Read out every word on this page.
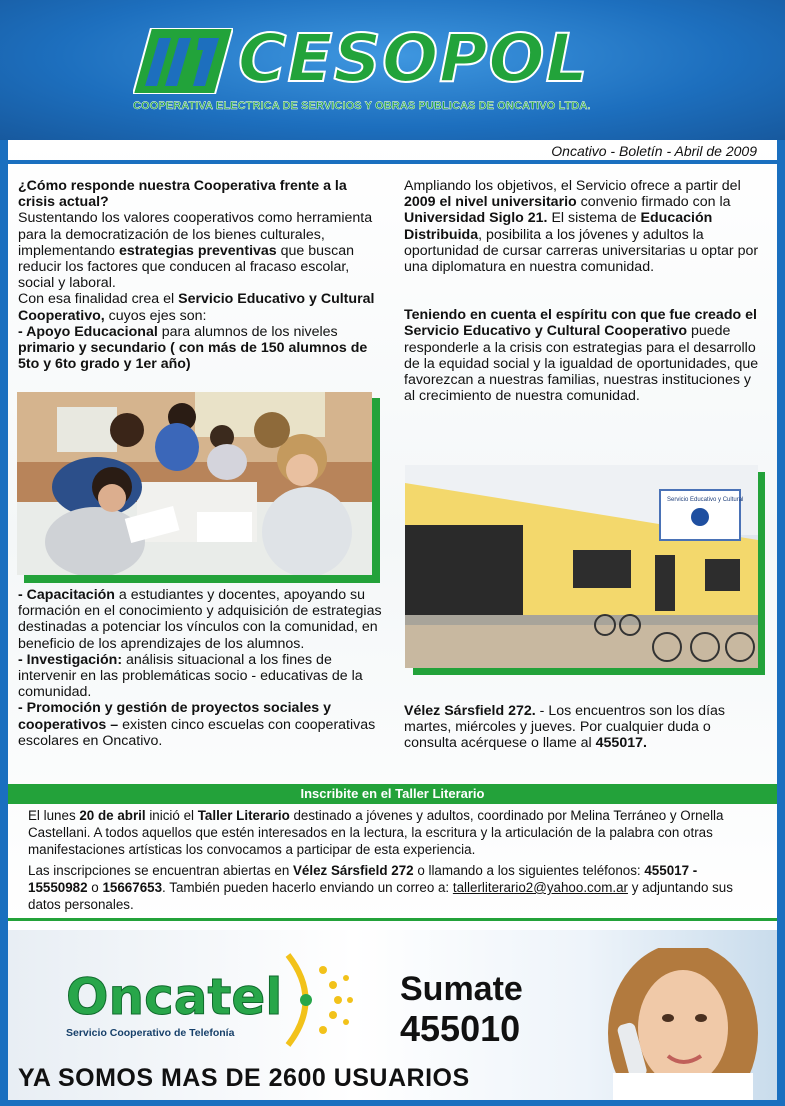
CESOPOL
COOPERATIVA ELECTRICA DE SERVICIOS Y OBRAS PUBLICAS DE ONCATIVO LTDA.
Oncativo - Boletín - Abril de 2009

¿Cómo responde nuestra Cooperativa frente a la crisis actual?

Sustentando los valores cooperativos como herramienta para la democratización de los bienes culturales, implementando estrategias preventivas que buscan reducir los factores que conducen al fracaso escolar, social y laboral.

Con esa finalidad crea el Servicio Educativo y Cultural Cooperativo, cuyos ejes son:

- Apoyo Educacional para alumnos de los niveles primario y secundario ( con más de 150 alumnos de 5to y 6to grado y 1er año)

- Capacitación a estudiantes y docentes, apoyando su formación en el conocimiento y adquisición de estrategias destinadas a potenciar los vínculos con la comunidad, en beneficio de los aprendizajes de los alumnos.

- Investigación: análisis situacional a los fines de intervenir en las problemáticas socio - educativas de la comunidad.

- Promoción y gestión de proyectos sociales y cooperativos – existen cinco escuelas con cooperativas escolares en Oncativo.

Ampliando los objetivos, el Servicio ofrece a partir del 2009 el nivel universitario convenio firmado con la Universidad Siglo 21. El sistema de Educación Distribuida, posibilita a los jóvenes y adultos la oportunidad de cursar carreras universitarias u optar por una diplomatura en nuestra comunidad.

Teniendo en cuenta el espíritu con que fue creado el Servicio Educativo y Cultural Cooperativo puede responderle a la crisis con estrategias para el desarrollo de la equidad social y la igualdad de oportunidades, que favorezcan a nuestras familias, nuestras instituciones y al crecimiento de nuestra comunidad.

Servicio Educativo y Cultural

Vélez Sársfield 272. - Los encuentros son los días martes, miércoles y jueves. Por cualquier duda o consulta acérquese o llame al 455017.

Inscribite en el Taller Literario

El lunes 20 de abril inició el Taller Literario destinado a jóvenes y adultos, coordinado por Melina Terráneo y Ornella Castellani. A todos aquellos que estén interesados en la lectura, la escritura y la articulación de la palabra con otras manifestaciones artísticas los convocamos a participar de esta experiencia.

Las inscripciones se encuentran abiertas en Vélez Sársfield 272 o llamando a los siguientes teléfonos: 455017 - 15550982 o 15667653. También pueden hacerlo enviando un correo a: tallerliterario2@yahoo.com.ar y adjuntando sus datos personales.

Oncatel
Servicio Cooperativo de Telefonía
Sumate
455010
YA SOMOS MAS DE 2600 USUARIOS
